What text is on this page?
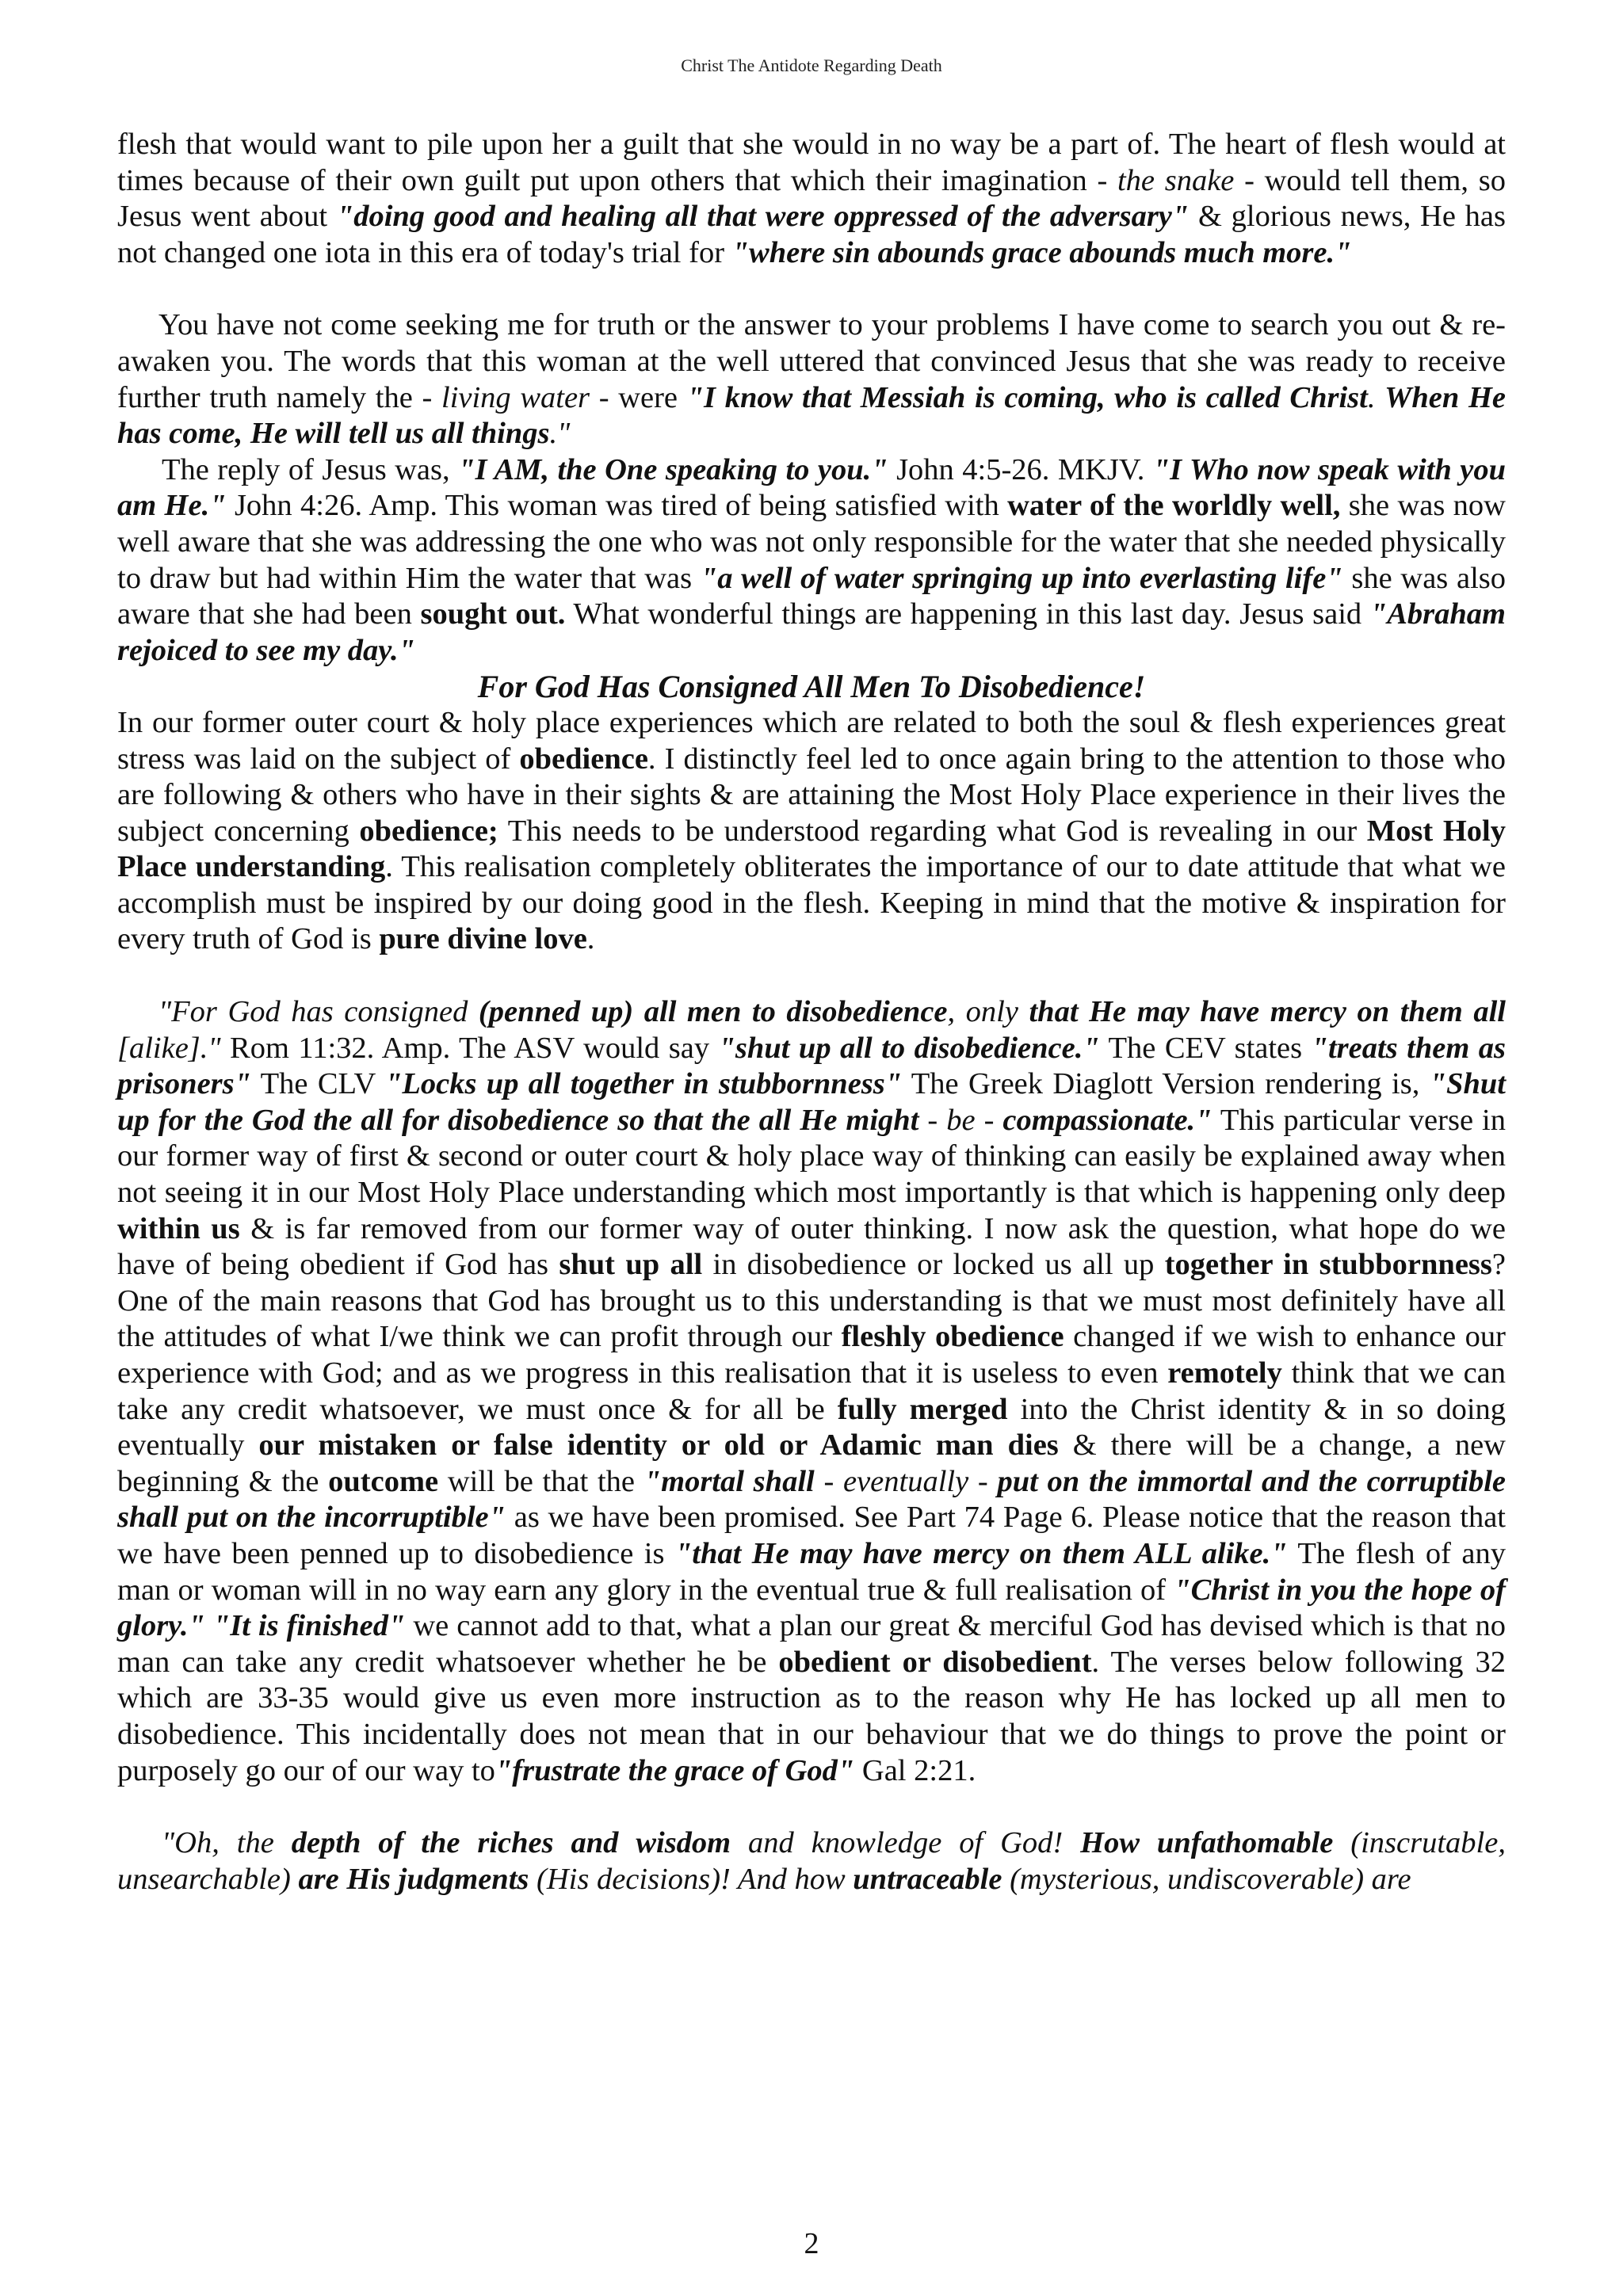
Christ The Antidote Regarding Death

flesh that would want to pile upon her a guilt that she would in no way be a part of. The heart of flesh would at times because of their own guilt put upon others that which their imagination - the snake - would tell them, so Jesus went about "doing good and healing all that were oppressed of the adversary" & glorious news, He has not changed one iota in this era of today's trial for "where sin abounds grace abounds much more."

You have not come seeking me for truth or the answer to your problems I have come to search you out & re-awaken you. The words that this woman at the well uttered that convinced Jesus that she was ready to receive further truth namely the - living water - were "I know that Messiah is coming, who is called Christ. When He has come, He will tell us all things."

The reply of Jesus was, "I AM, the One speaking to you." John 4:5-26. MKJV. "I Who now speak with you am He." John 4:26. Amp. This woman was tired of being satisfied with water of the worldly well, she was now well aware that she was addressing the one who was not only responsible for the water that she needed physically to draw but had within Him the water that was "a well of water springing up into everlasting life" she was also aware that she had been sought out. What wonderful things are happening in this last day. Jesus said "Abraham rejoiced to see my day."

For God Has Consigned All Men To Disobedience!

In our former outer court & holy place experiences which are related to both the soul & flesh experiences great stress was laid on the subject of obedience. I distinctly feel led to once again bring to the attention to those who are following & others who have in their sights & are attaining the Most Holy Place experience in their lives the subject concerning obedience; This needs to be understood regarding what God is revealing in our Most Holy Place understanding. This realisation completely obliterates the importance of our to date attitude that what we accomplish must be inspired by our doing good in the flesh. Keeping in mind that the motive & inspiration for every truth of God is pure divine love.

"For God has consigned (penned up) all men to disobedience, only that He may have mercy on them all [alike]." Rom 11:32. Amp. The ASV would say "shut up all to disobedience." The CEV states "treats them as prisoners" The CLV "Locks up all together in stubbornness" The Greek Diaglott Version rendering is, "Shut up for the God the all for disobedience so that the all He might - be - compassionate." This particular verse in our former way of first & second or outer court & holy place way of thinking can easily be explained away when not seeing it in our Most Holy Place understanding which most importantly is that which is happening only deep within us & is far removed from our former way of outer thinking. I now ask the question, what hope do we have of being obedient if God has shut up all in disobedience or locked us all up together in stubbornness? One of the main reasons that God has brought us to this understanding is that we must most definitely have all the attitudes of what I/we think we can profit through our fleshly obedience changed if we wish to enhance our experience with God; and as we progress in this realisation that it is useless to even remotely think that we can take any credit whatsoever, we must once & for all be fully merged into the Christ identity & in so doing eventually our mistaken or false identity or old or Adamic man dies & there will be a change, a new beginning & the outcome will be that the "mortal shall - eventually - put on the immortal and the corruptible shall put on the incorruptible" as we have been promised. See Part 74 Page 6. Please notice that the reason that we have been penned up to disobedience is "that He may have mercy on them ALL alike." The flesh of any man or woman will in no way earn any glory in the eventual true & full realisation of "Christ in you the hope of glory." "It is finished" we cannot add to that, what a plan our great & merciful God has devised which is that no man can take any credit whatsoever whether he be obedient or disobedient. The verses below following 32 which are 33-35 would give us even more instruction as to the reason why He has locked up all men to disobedience. This incidentally does not mean that in our behaviour that we do things to prove the point or purposely go our of our way to"frustrate the grace of God" Gal 2:21.

"Oh, the depth of the riches and wisdom and knowledge of God! How unfathomable (inscrutable, unsearchable) are His judgments (His decisions)! And how untraceable (mysterious, undiscoverable) are

2
